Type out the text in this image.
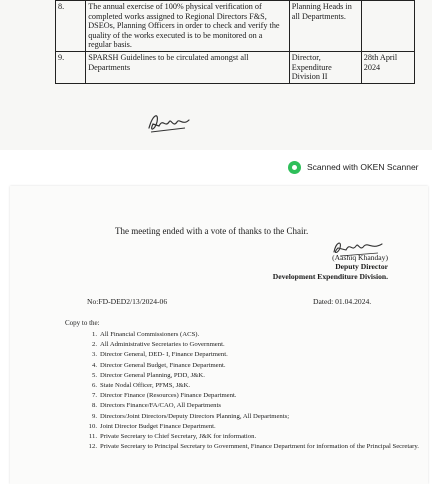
8.	The annual exercise of 100% physical verification of completed works assigned to Regional Directors F&S, DSEOs, Planning Officers in order to check and verify the quality of the works executed is to be monitored on a regular basis.	Planning Heads in all Departments.	
9.	SPARSH Guidelines to be circulated amongst all Departments	Director, Expenditure Division II	28th April 2024
Scanned with OKEN Scanner
The meeting ended with a vote of thanks to the Chair.
(Aashiq Khanday)
Deputy Director
Development Expenditure Division.
No:FD-DED2/13/2024-06	Dated: 01.04.2024.
Copy to the:
1. All Financial Commissioners (ACS).
2. All Administrative Secretaries to Government.
3. Director General, DED- I, Finance Department.
4. Director General Budget, Finance Department.
5. Director General Planning, PDD, J&K.
6. State Nodal Officer, PFMS, J&K.
7. Director Finance (Resources) Finance Department.
8. Directors Finance/FA/CAO, All Departments
9. Directors/Joint Directors/Deputy Directors Planning, All Departments;
10. Joint Director Budget Finance Department.
11. Private Secretary to Chief Secretary, J&K for information.
12. Private Secretary to Principal Secretary to Government, Finance Department for information of the Principal Secretary.
